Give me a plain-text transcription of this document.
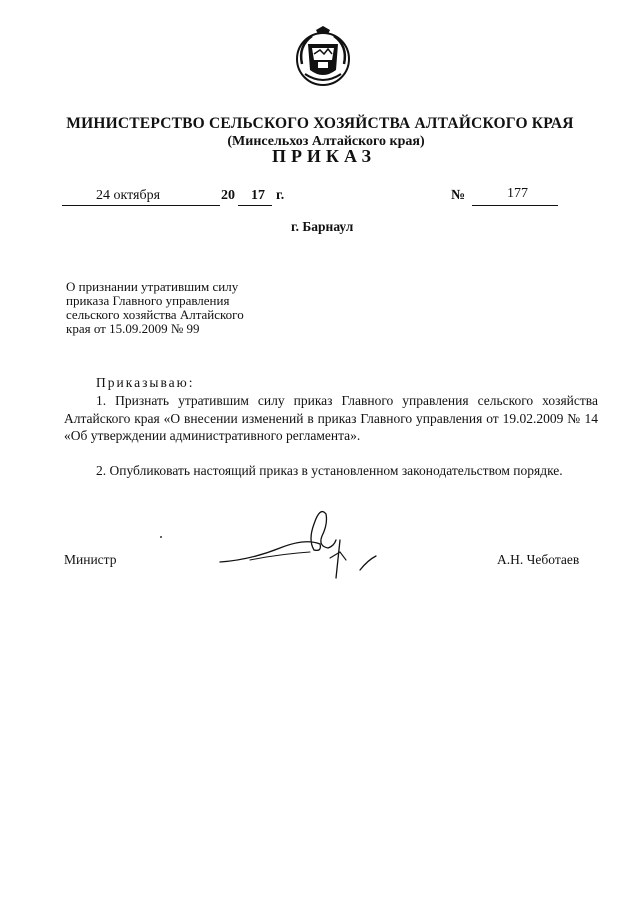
МИНИСТЕРСТВО СЕЛЬСКОГО ХОЗЯЙСТВА АЛТАЙСКОГО КРАЯ
(Минсельхоз Алтайского края)
ПРИКАЗ
24 октября	20 17 г.	№	177
г. Барнаул
О признании утратившим силу
приказа Главного управления
сельского хозяйства Алтайского
края от 15.09.2009 № 99
Приказываю:
1. Признать утратившим силу приказ Главного управления сельского хозяйства Алтайского края «О внесении изменений в приказ Главного управления от 19.02.2009 № 14 «Об утверждении административного регламента».
2. Опубликовать настоящий приказ в установленном законодательством порядке.
Министр	А.Н. Чеботаев
